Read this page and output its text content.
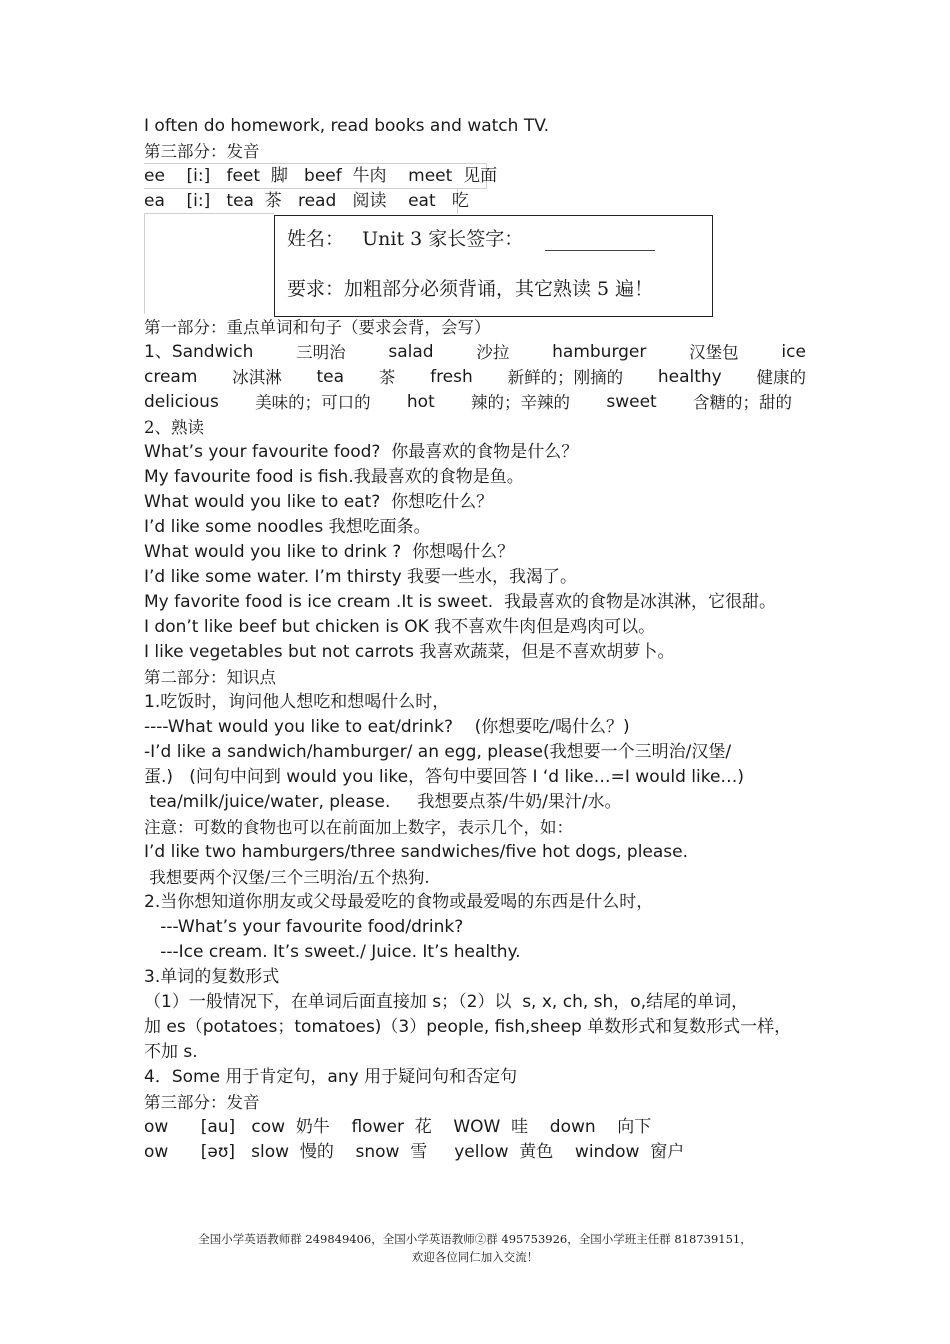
I often do homework, read books and watch TV.
第三部分：发音
ee    [i:]   feet  脚   beef  牛肉    meet  见面
ea    [i:]   tea  茶   read   阅读    eat   吃
姓名：   Unit 3 家长签字：
要求：加粗部分必须背诵，其它熟读 5 遍！
第一部分：重点单词和句子（要求会背，会写）
1、Sandwich	三明治	salad	沙拉	hamburger	汉堡包	ice
cream 冰淇淋 tea 茶 fresh 新鲜的；刚摘的 healthy 健康的
delicious 美味的；可口的 hot 辣的；辛辣的 sweet 含糖的；甜的
2、熟读
What’s your favourite food?  你最喜欢的食物是什么？
My favourite food is fish.我最喜欢的食物是鱼。
What would you like to eat?  你想吃什么？
I’d like some noodles 我想吃面条。
What would you like to drink ?  你想喝什么？
I’d like some water. I’m thirsty 我要一些水，我渴了。
My favorite food is ice cream .It is sweet.  我最喜欢的食物是冰淇淋，它很甜。
I don’t like beef but chicken is OK 我不喜欢牛肉但是鸡肉可以。
I like vegetables but not carrots 我喜欢蔬菜，但是不喜欢胡萝卜。
第二部分：知识点
1.吃饭时，询问他人想吃和想喝什么时，
----What would you like to eat/drink?    (你想要吃/喝什么？)
-I’d like a sandwich/hamburger/ an egg, please(我想要一个三明治/汉堡/
蛋.)   (问句中问到 would you like，答句中要回答 I ‘d like…=I would like…)
tea/milk/juice/water, please.     我想要点茶/牛奶/果汁/水。
注意：可数的食物也可以在前面加上数字，表示几个，如：
I’d like two hamburgers/three sandwiches/five hot dogs, please.
我想要两个汉堡/三个三明治/五个热狗.
2.当你想知道你朋友或父母最爱吃的食物或最爱喝的东西是什么时，
---What’s your favourite food/drink?
---Ice cream. It’s sweet./ Juice. It’s healthy.
3.单词的复数形式
（1）一般情况下，在单词后面直接加 s；（2）以  s, x, ch, sh，o,结尾的单词，
加 es（potatoes；tomatoes)（3）people, fish,sheep 单数形式和复数形式一样，
不加 s.
4．Some 用于肯定句，any 用于疑问句和否定句
第三部分：发音
ow      [au]   cow  奶牛    flower  花    WOW  哇    down    向下
ow      [əʊ]   slow  慢的    snow  雪     yellow  黄色    window  窗户
全国小学英语教师群 249849406，全国小学英语教师②群 495753926，全国小学班主任群 818739151，
欢迎各位同仁加入交流！
